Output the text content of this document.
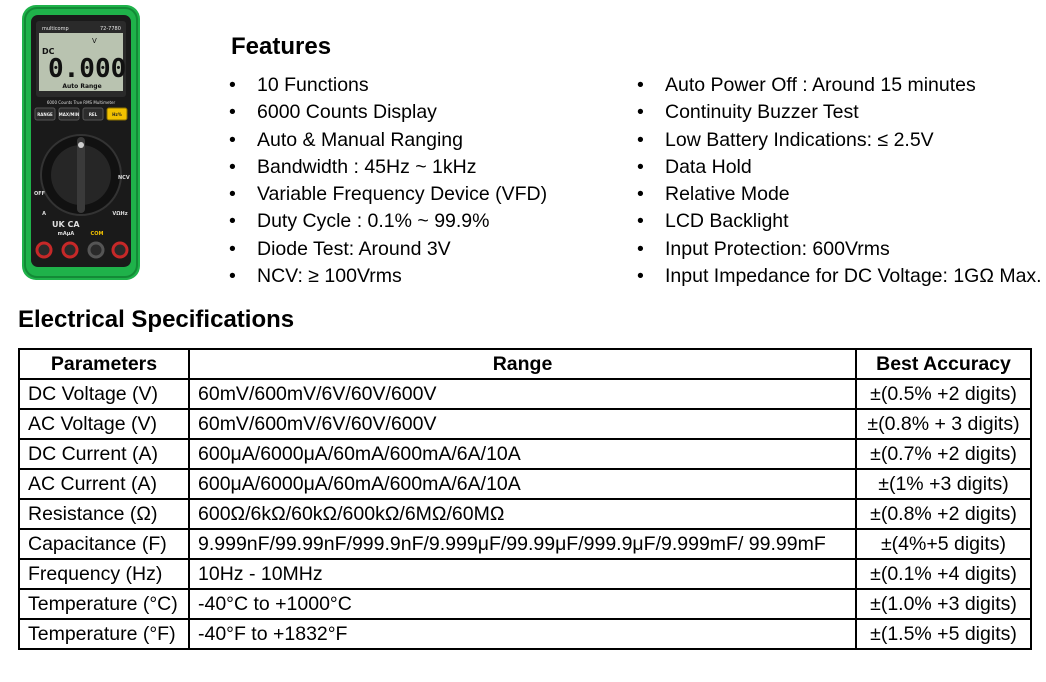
multicomp	72-7780
DC
V
0.000
Auto Range
6000 Counts True RMS Multimeter
RANGE MAX/MIN REL	Hz%
OFF
NCV
UK CA
A
mAμA	COM
VΩHz
Features
• 10 Functions
• 6000 Counts Display
• Auto & Manual Ranging
• Bandwidth : 45Hz ~ 1kHz
• Variable Frequency Device (VFD)
• Duty Cycle : 0.1% ~ 99.9%
• Diode Test: Around 3V
• NCV: ≥ 100Vrms
• Auto Power Off : Around 15 minutes
• Continuity Buzzer Test
• Low Battery Indications: ≤ 2.5V
• Data Hold
• Relative Mode
• LCD Backlight
• Input Protection: 600Vrms
• Input Impedance for DC Voltage: 1GΩ Max.
Electrical Specifications
Parameters	Range	Best Accuracy
DC Voltage (V)	60mV/600mV/6V/60V/600V	±(0.5% +2 digits)
AC Voltage (V)	60mV/600mV/6V/60V/600V	±(0.8% + 3 digits)
DC Current (A)	600μA/6000μA/60mA/600mA/6A/10A	±(0.7% +2 digits)
AC Current (A)	600μA/6000μA/60mA/600mA/6A/10A	±(1% +3 digits)
Resistance (Ω)	600Ω/6kΩ/60kΩ/600kΩ/6MΩ/60MΩ	±(0.8% +2 digits)
Capacitance (F)	9.999nF/99.99nF/999.9nF/9.999μF/99.99μF/999.9μF/9.999mF/ 99.99mF	±(4%+5 digits)
Frequency (Hz)	10Hz - 10MHz	±(0.1% +4 digits)
Temperature (°C)	-40°C to +1000°C	±(1.0% +3 digits)
Temperature (°F)	-40°F to +1832°F	±(1.5% +5 digits)
